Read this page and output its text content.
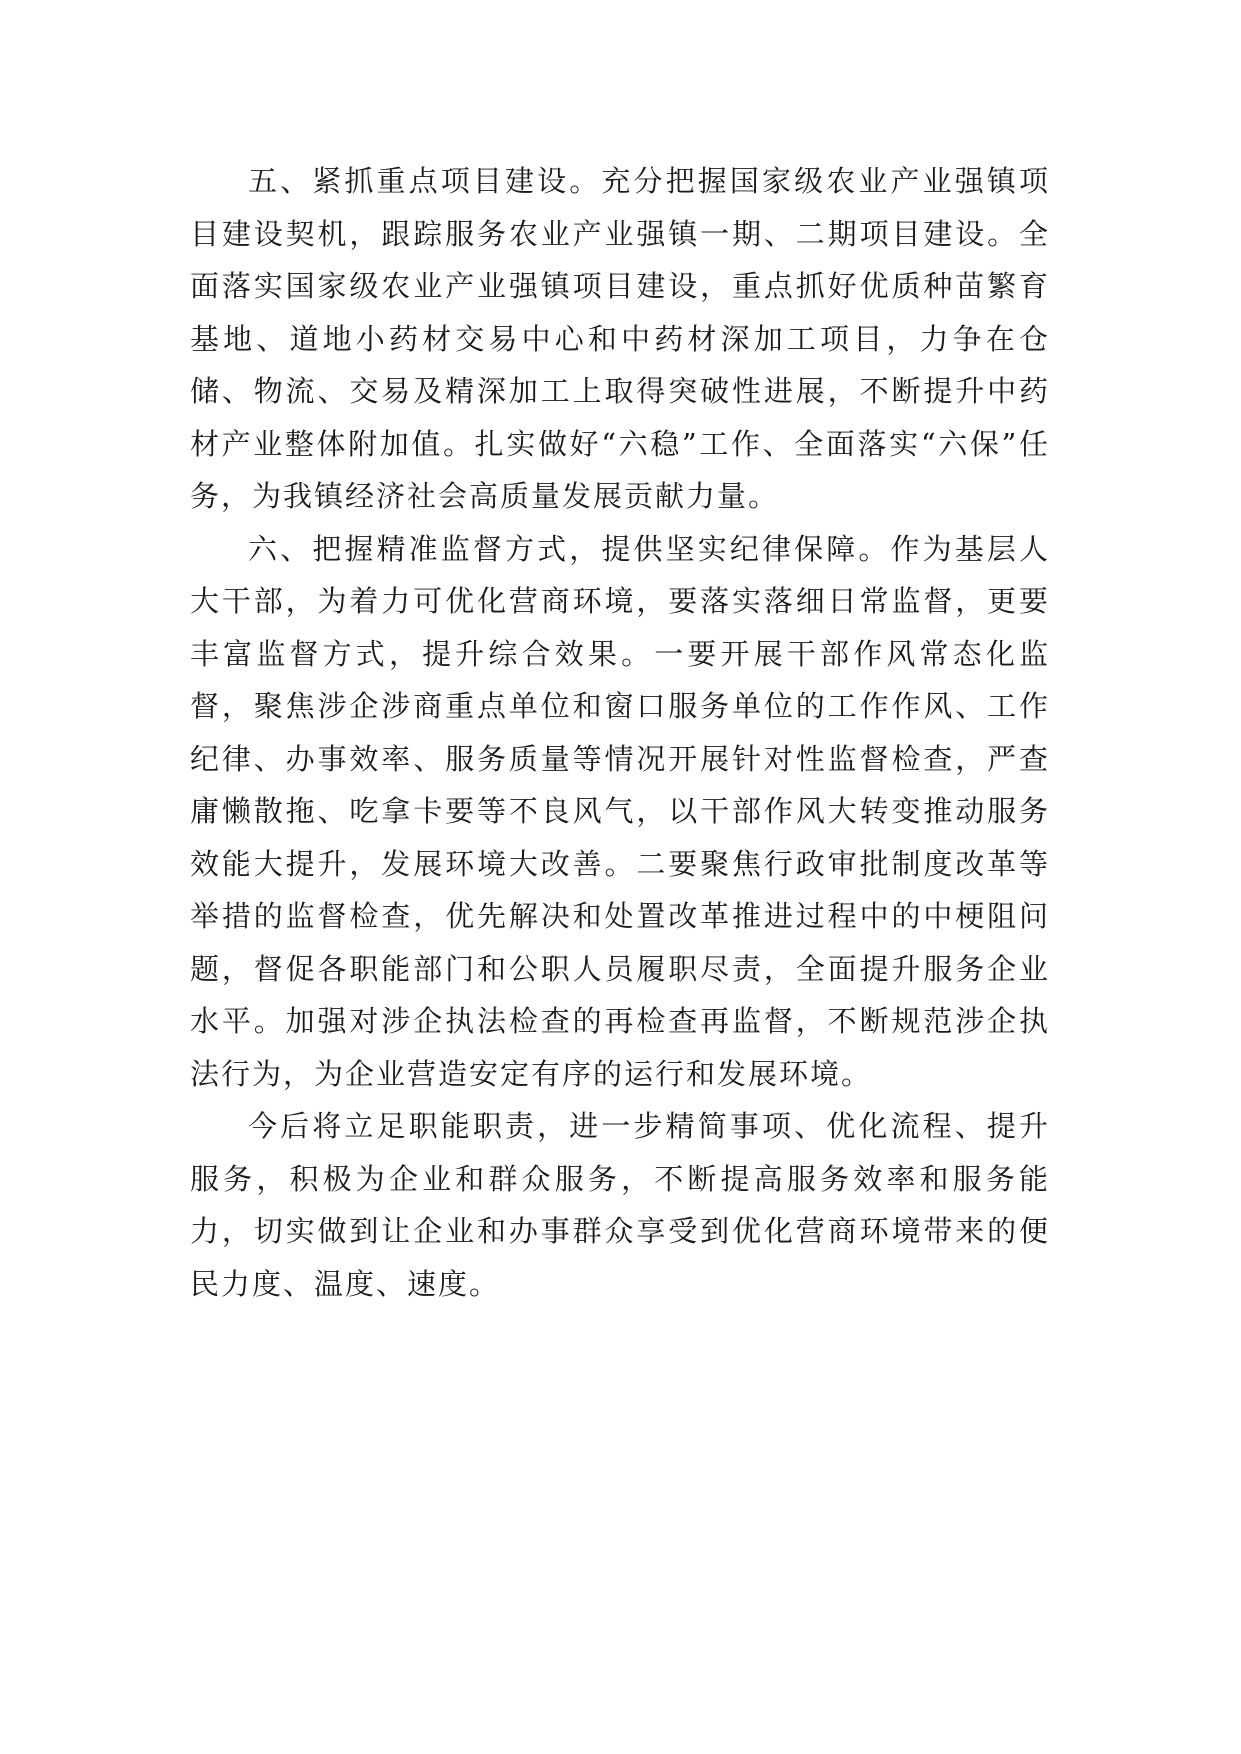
五、紧抓重点项目建设。充分把握国家级农业产业强镇项目建设契机，跟踪服务农业产业强镇一期、二期项目建设。全面落实国家级农业产业强镇项目建设，重点抓好优质种苗繁育基地、道地小药材交易中心和中药材深加工项目，力争在仓储、物流、交易及精深加工上取得突破性进展，不断提升中药材产业整体附加值。扎实做好“六稳”工作、全面落实“六保”任务，为我镇经济社会高质量发展贡献力量。

六、把握精准监督方式，提供坚实纪律保障。作为基层人大干部，为着力可优化营商环境，要落实落细日常监督，更要丰富监督方式，提升综合效果。一要开展干部作风常态化监督，聚焦涉企涉商重点单位和窗口服务单位的工作作风、工作纪律、办事效率、服务质量等情况开展针对性监督检查，严查庸懒散拖、吃拿卡要等不良风气，以干部作风大转变推动服务效能大提升，发展环境大改善。二要聚焦行政审批制度改革等举措的监督检查，优先解决和处置改革推进过程中的中梗阻问题，督促各职能部门和公职人员履职尽责，全面提升服务企业水平。加强对涉企执法检查的再检查再监督，不断规范涉企执法行为，为企业营造安定有序的运行和发展环境。

今后将立足职能职责，进一步精简事项、优化流程、提升服务，积极为企业和群众服务，不断提高服务效率和服务能力，切实做到让企业和办事群众享受到优化营商环境带来的便民力度、温度、速度。
